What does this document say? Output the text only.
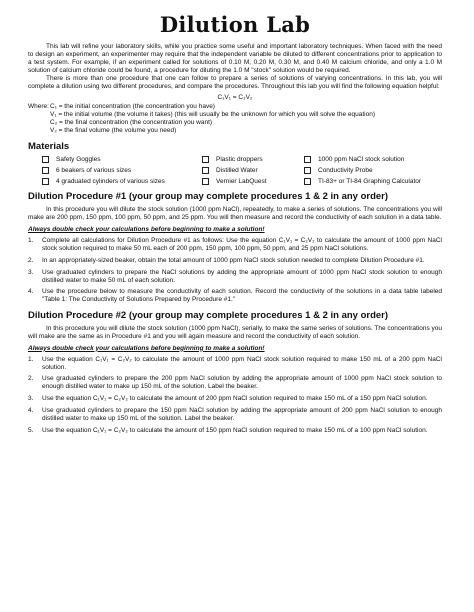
Dilution Lab

This lab will refine your laboratory skills, while you practice some useful and important laboratory techniques. When faced with the need to design an experiment, an experimenter may require that the independent variable be diluted to different concentrations prior to application to a test system. For example, if an experiment called for solutions of 0.10 M, 0.20 M, 0.30 M, and 0.40 M calcium chloride, and only a 1.0 M solution of calcium chloride could be found, a procedure for diluting the 1.0 M "stock" solution would be required.

There is more than one procedure that one can follow to prepare a series of solutions of varying concentrations. In this lab, you will complete a dilution using two different procedures, and compare the procedures. Throughout this lab you will find the following equation helpful:

C₁V₁ = C₂V₂
Where: C₁ = the initial concentration (the concentration you have)
V₁ = the initial volume (the volume it takes) (this will usually be the unknown for which you will solve the equation)
C₂ = the final concentration (the concentration you want)
V₂ = the final volume (the volume you need)
Materials
Safety Goggles	Plastic droppers	1000 ppm NaCl stock solution
6 beakers of various sizes	Distilled Water	Conductivity Probe
4 graduated cylinders of various sizes	Vernier LabQuest	TI-83+ or TI-84 Graphing Calculator
Dilution Procedure #1 (your group may complete procedures 1 & 2 in any order)

In this procedure you will dilute the stock solution (1000 ppm NaCl), repeatedly, to make a series of solutions. The concentrations you will make are 200 ppm, 150 ppm, 100 ppm, 50 ppm, and 25 ppm. You will then measure and record the conductivity of each solution in a data table.

Always double check your calculations before beginning to make a solution!
1.	Complete all calculations for Dilution Procedure #1 as follows: Use the equation C₁V₁ = C₂V₂ to calculate the amount of 1000 ppm NaCl stock solution required to make 50 mL each of 200 ppm, 150 ppm, 100 ppm, 50 ppm, and 25 ppm NaCl solutions.
2.	In an appropriately-sized beaker, obtain the total amount of 1000 ppm NaCl stock solution needed to complete Dilution Procedure #1.
3.	Use graduated cylinders to prepare the NaCl solutions by adding the appropriate amount of 1000 ppm NaCl stock solution to enough distilled water to make 50 mL of each solution.
4.	Use the procedure below to measure the conductivity of each solution. Record the conductivity of the solutions in a data table labeled "Table 1: The Conductivity of Solutions Prepared by Procedure #1."
Dilution Procedure #2 (your group may complete procedures 1 & 2 in any order)

In this procedure you will dilute the stock solution (1000 ppm NaCl), serially, to make the same series of solutions. The concentrations you will make are the same as in Procedure #1 and you will again measure and record the conductivity of each solution.

Always double check your calculations before beginning to make a solution!
1.	Use the equation C₁V₁ = C₂V₂ to calculate the amount of 1000 ppm NaCl stock solution required to make 150 mL of a 200 ppm NaCl solution.
2.	Use graduated cylinders to prepare the 200 ppm NaCl solution by adding the appropriate amount of 1000 ppm NaCl stock solution to enough distilled water to make up 150 mL of the solution. Label the beaker.
3.	Use the equation C₁V₁ = C₂V₂ to calculate the amount of 200 ppm NaCl solution required to make 150 mL of a 150 ppm NaCl solution.
4.	Use graduated cylinders to prepare the 150 ppm NaCl solution by adding the appropriate amount of 200 ppm NaCl solution to enough distilled water to make up 150 mL of the solution. Label the beaker.
5.	Use the equation C₁V₁ = C₂V₂ to calculate the amount of 150 ppm NaCl solution required to make 150 mL of a 100 ppm NaCl solution.
